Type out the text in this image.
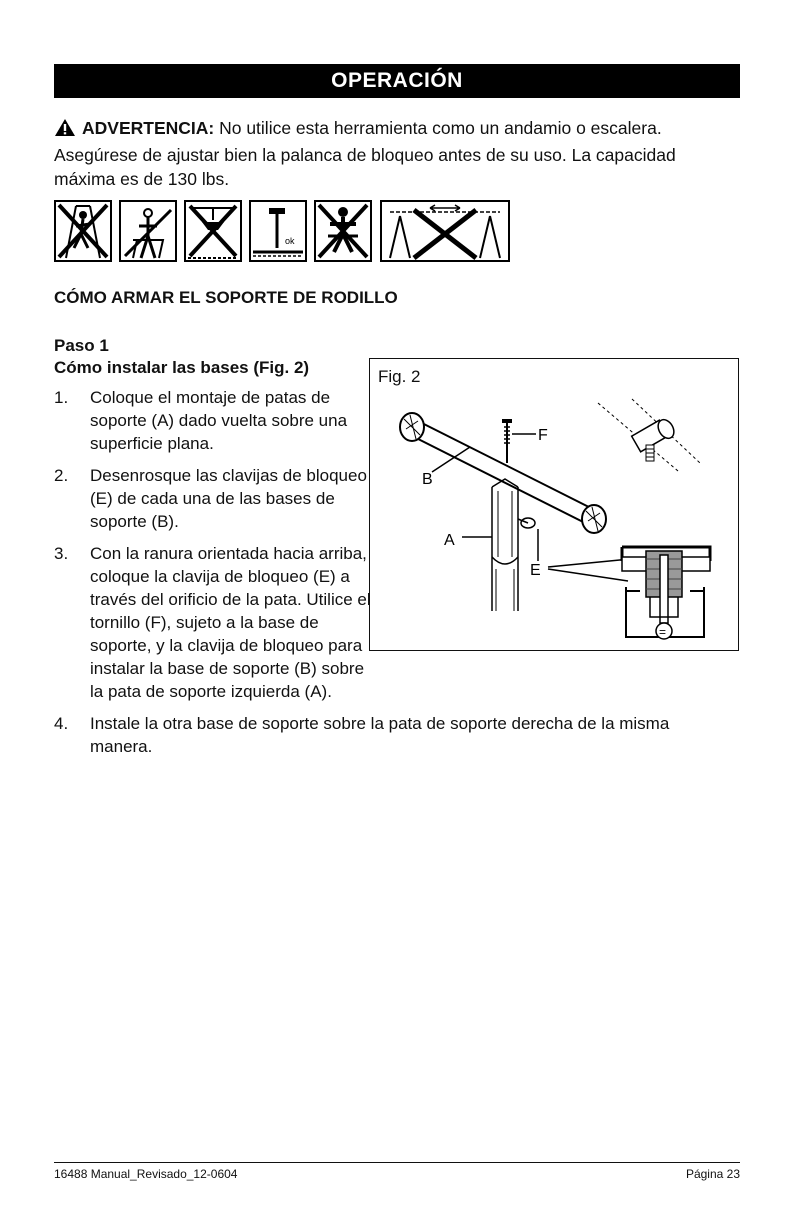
OPERACIÓN
ADVERTENCIA: No utilice esta herramienta como un andamio o escalera.
Asegúrese de ajustar bien la palanca de bloqueo antes de su uso. La capacidad
máxima es de 130 lbs.
ok
CÓMO ARMAR EL SOPORTE DE RODILLO
Paso 1
Cómo instalar las bases (Fig. 2)
1. Coloque el montaje de patas de soporte (A) dado vuelta sobre una superficie plana.
2. Desenrosque las clavijas de bloqueo (E) de cada una de las bases de soporte (B).
3. Con la ranura orientada hacia arriba, coloque la clavija de bloqueo (E) a través del orificio de la pata. Utilice el tornillo (F), sujeto a la base de soporte, y la clavija de bloqueo para instalar la base de soporte (B) sobre la pata de soporte izquierda (A).
4. Instale la otra base de soporte sobre la pata de soporte derecha de la misma manera.
Fig. 2
F
B
A
E
=
16488 Manual_Revisado_12-0604	Página 23
